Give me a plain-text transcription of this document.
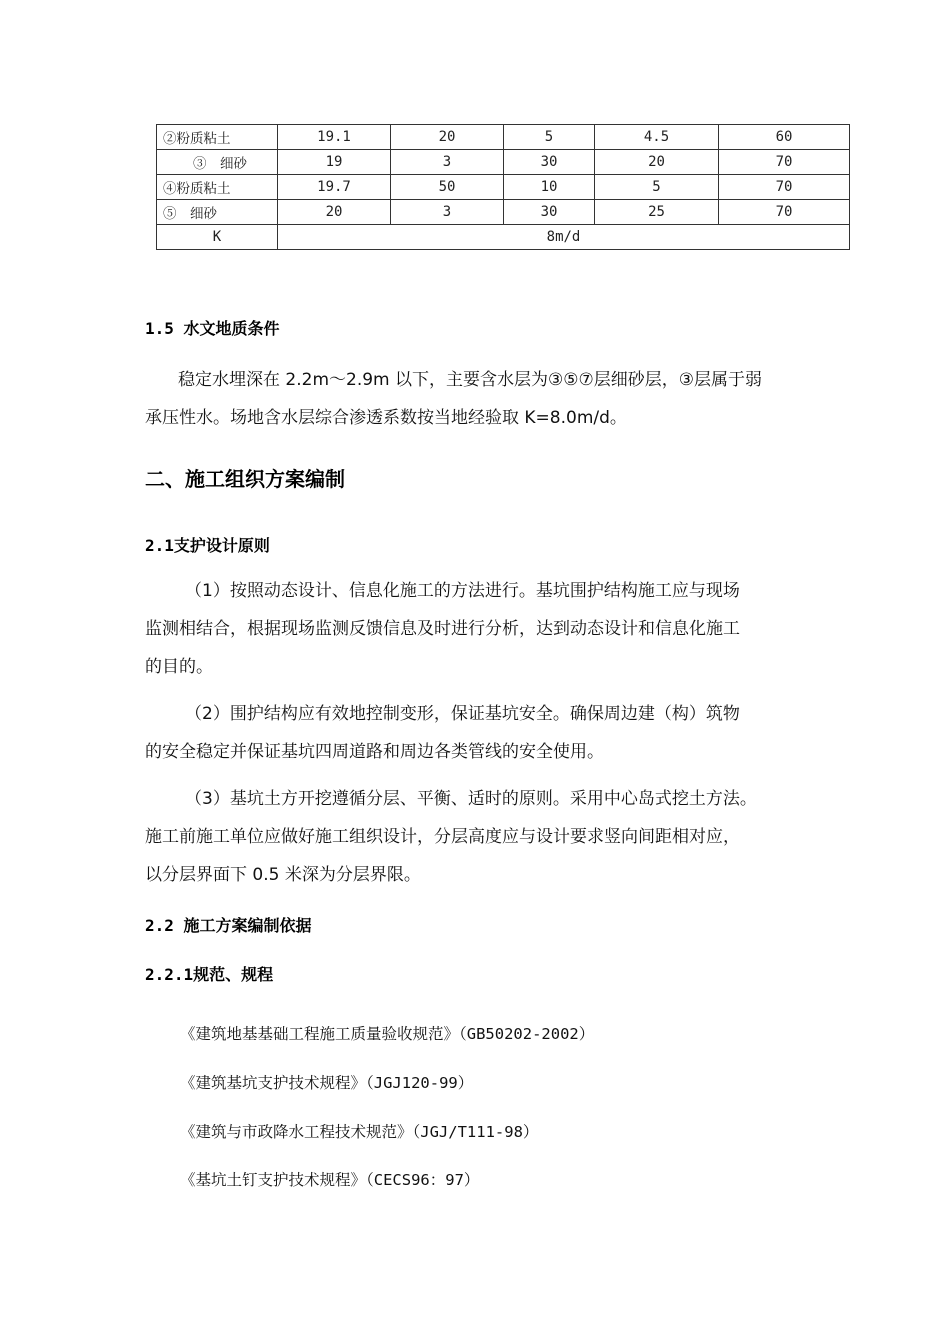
②粉质粘土	19.1	20	5	4.5	60
③　细砂	19	3	30	20	70
④粉质粘土	19.7	50	10	5	70
⑤　细砂	20	3	30	25	70
K	8m/d				
1.5 水文地质条件
稳定水埋深在 2.2m～2.9m 以下，主要含水层为③⑤⑦层细砂层，③层属于弱
承压性水。场地含水层综合渗透系数按当地经验取 K=8.0m/d。
二、施工组织方案编制
2.1支护设计原则
（1）按照动态设计、信息化施工的方法进行。基坑围护结构施工应与现场
监测相结合，根据现场监测反馈信息及时进行分析，达到动态设计和信息化施工
的目的。
（2）围护结构应有效地控制变形，保证基坑安全。确保周边建（构）筑物
的安全稳定并保证基坑四周道路和周边各类管线的安全使用。
（3）基坑土方开挖遵循分层、平衡、适时的原则。采用中心岛式挖土方法。
施工前施工单位应做好施工组织设计，分层高度应与设计要求竖向间距相对应，
以分层界面下 0.5 米深为分层界限。
2.2 施工方案编制依据
2.2.1规范、规程
《建筑地基基础工程施工质量验收规范》（GB50202-2002）
《建筑基坑支护技术规程》（JGJ120-99）
《建筑与市政降水工程技术规范》（JGJ/T111-98）
《基坑土钉支护技术规程》（CECS96：97）
